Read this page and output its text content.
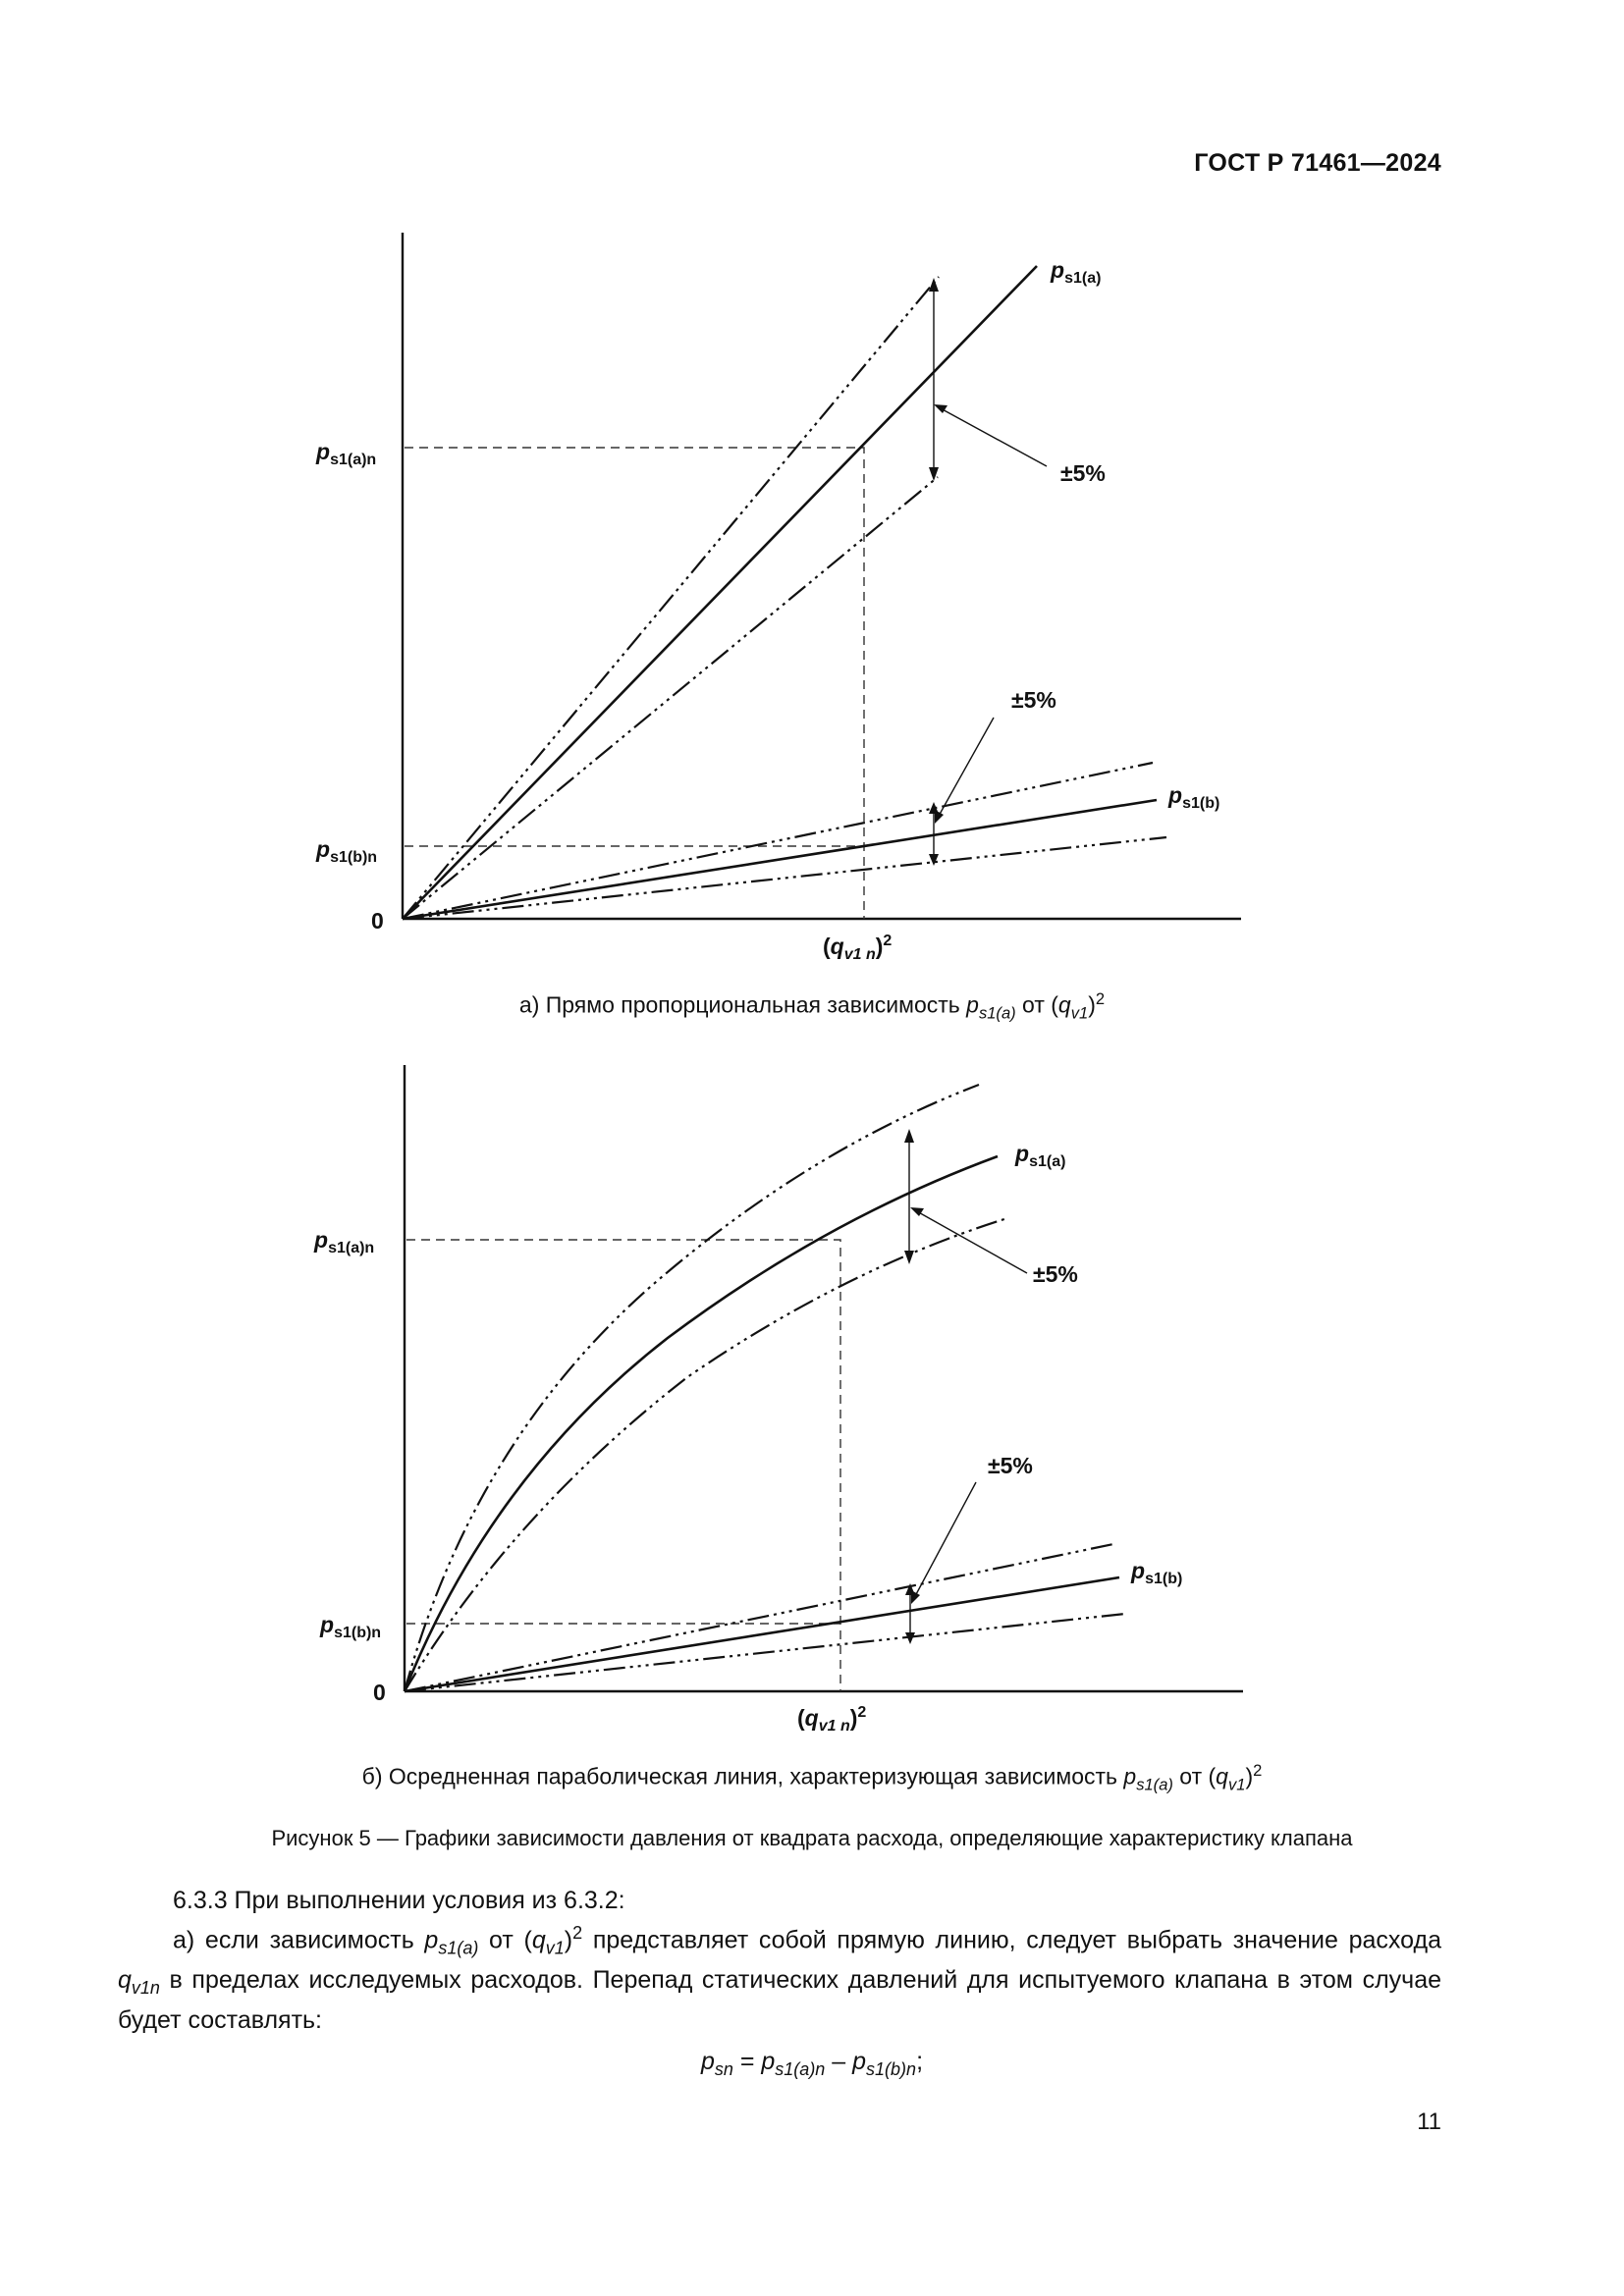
ГОСТ Р 71461—2024
$p_{s1(a)}$
$p_{s1(b)}$
$p_{s1(a)n}$
$p_{s1(b)n}$
0
±5%
±5%
$(q_{v1 n})^2$
а) Прямо пропорциональная зависимость $p_{s1(a)}$ от $(q_{v1})^2$
$p_{s1(a)}$
$p_{s1(b)}$
$p_{s1(a)n}$
$p_{s1(b)n}$
0
±5%
±5%
$(q_{v1 n})^2$
б) Осредненная параболическая линия, характеризующая зависимость $p_{s1(a)}$ от $(q_{v1})^2$
Рисунок 5 — Графики зависимости давления от квадрата расхода, определяющие характеристику клапана

6.3.3 При выполнении условия из 6.3.2:

а) если зависимость $p_{s1(a)}$ от $(q_{v1})^2$ представляет собой прямую линию, следует выбрать значение расхода $q_{v1n}$ в пределах исследуемых расходов. Перепад статических давлений для испытуемого клапана в этом случае будет составлять:

$p_{sn} = p_{s1(a)n} - p_{s1(b)n}$;
11
